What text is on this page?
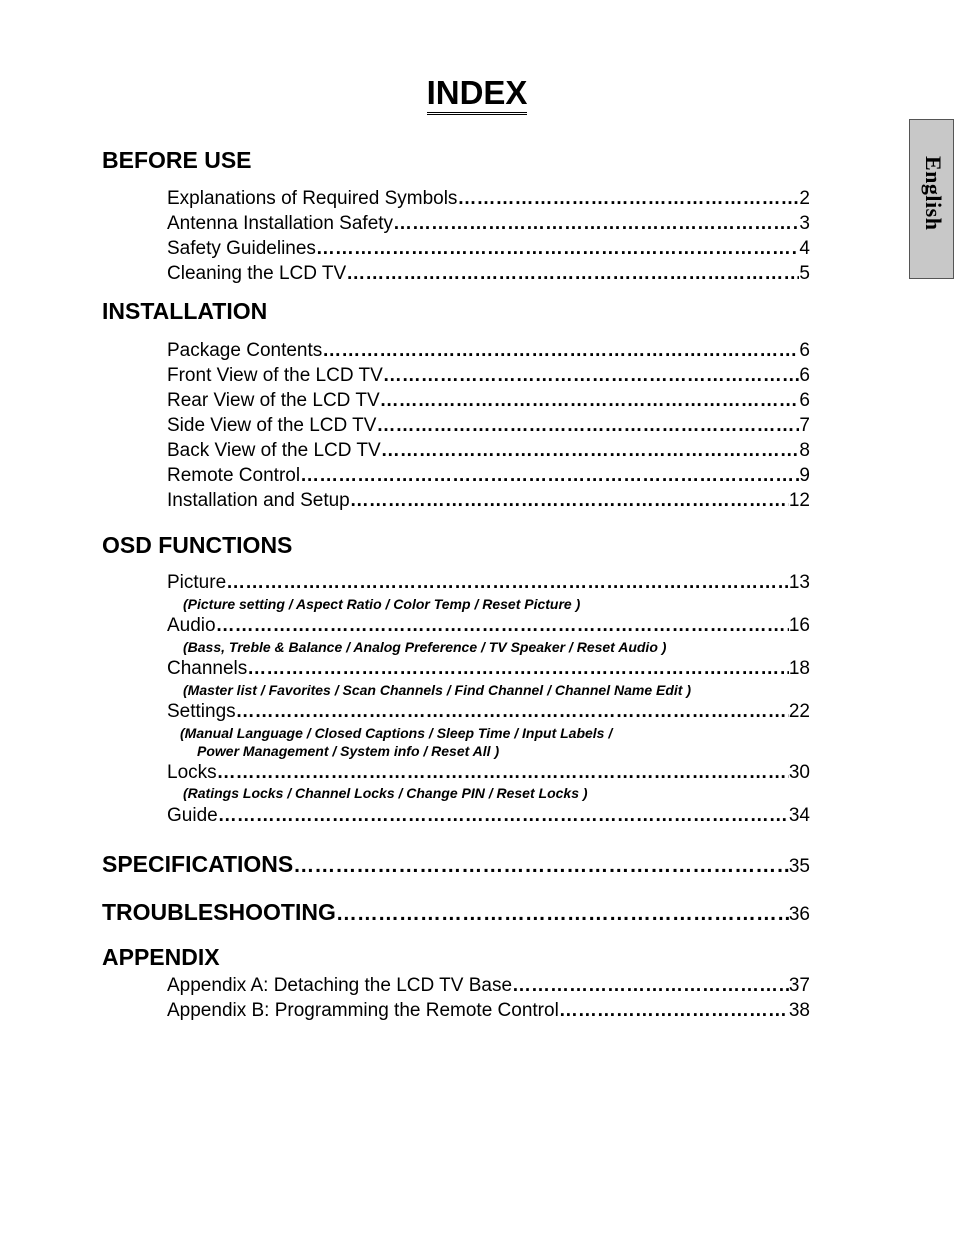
INDEX
English
BEFORE USE
Explanations of Required Symbols …………………………………………………………………………………………………………………………………………………………………	2
Antenna Installation Safety …………………………………………………………………………………………………………………………………………………………………	3
Safety Guidelines …………………………………………………………………………………………………………………………………………………………………	4
Cleaning the LCD TV …………………………………………………………………………………………………………………………………………………………………	5
INSTALLATION
Package Contents …………………………………………………………………………………………………………………………………………………………………	6
Front View of the LCD TV …………………………………………………………………………………………………………………………………………………………………	6
Rear View of the LCD TV …………………………………………………………………………………………………………………………………………………………………	6
Side View of the LCD TV …………………………………………………………………………………………………………………………………………………………………	7
Back View of the LCD TV …………………………………………………………………………………………………………………………………………………………………	8
Remote Control …………………………………………………………………………………………………………………………………………………………………	9
Installation and Setup …………………………………………………………………………………………………………………………………………………………………	12
OSD FUNCTIONS
Picture …………………………………………………………………………………………………………………………………………………………………	13
(Picture setting / Aspect Ratio / Color Temp / Reset Picture )
Audio …………………………………………………………………………………………………………………………………………………………………	16
(Bass, Treble & Balance / Analog Preference / TV Speaker / Reset Audio )
Channels …………………………………………………………………………………………………………………………………………………………………	18
(Master list / Favorites / Scan Channels / Find Channel / Channel Name Edit )
Settings …………………………………………………………………………………………………………………………………………………………………	22
(Manual Language / Closed Captions / Sleep Time / Input Labels /
Power Management / System info / Reset All )
Locks …………………………………………………………………………………………………………………………………………………………………	30
(Ratings Locks / Channel Locks / Change PIN / Reset Locks )
Guide …………………………………………………………………………………………………………………………………………………………………	34
SPECIFICATIONS …………………………………………………………………………………………………………………………………………………	35
TROUBLESHOOTING …………………………………………………………………………………………………………………………………………………	36
APPENDIX
Appendix A: Detaching the LCD TV Base …………………………………………………………………………………………………………………………………………………………………	37
Appendix B: Programming the Remote Control …………………………………………………………………………………………………………………………………………………………………	38
